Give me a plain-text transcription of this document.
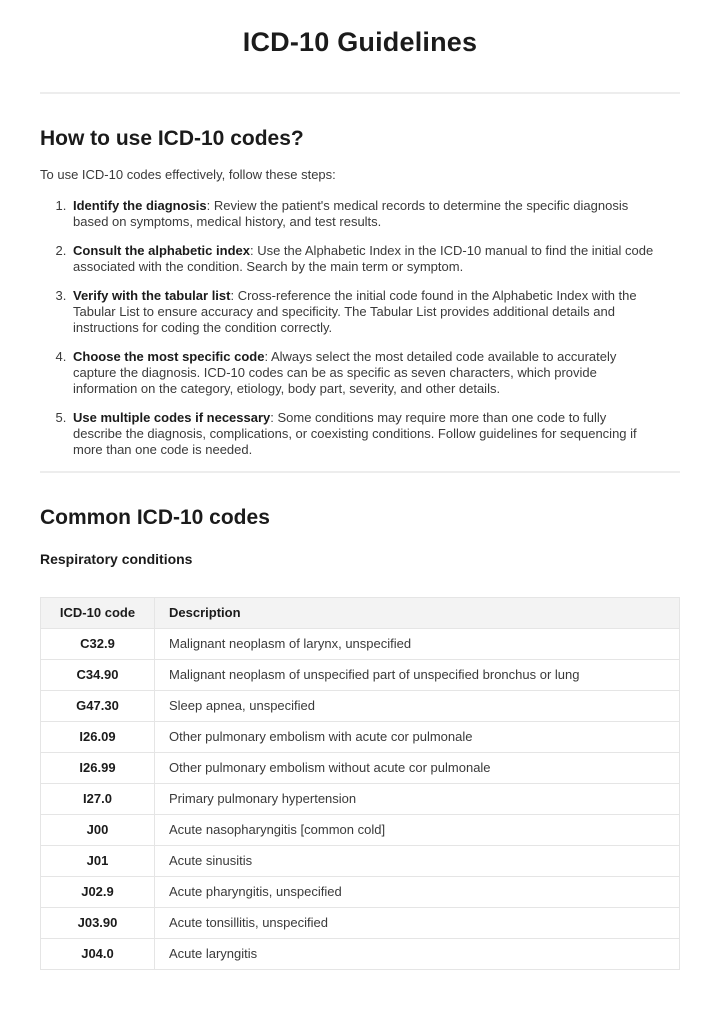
ICD-10 Guidelines
How to use ICD-10 codes?

To use ICD-10 codes effectively, follow these steps:

1. Identify the diagnosis: Review the patient's medical records to determine the specific diagnosis based on symptoms, medical history, and test results.
2. Consult the alphabetic index: Use the Alphabetic Index in the ICD-10 manual to find the initial code associated with the condition. Search by the main term or symptom.
3. Verify with the tabular list: Cross-reference the initial code found in the Alphabetic Index with the Tabular List to ensure accuracy and specificity. The Tabular List provides additional details and instructions for coding the condition correctly.
4. Choose the most specific code: Always select the most detailed code available to accurately capture the diagnosis. ICD-10 codes can be as specific as seven characters, which provide information on the category, etiology, body part, severity, and other details.
5. Use multiple codes if necessary: Some conditions may require more than one code to fully describe the diagnosis, complications, or coexisting conditions. Follow guidelines for sequencing if more than one code is needed.
Common ICD-10 codes
Respiratory conditions
ICD-10 code	Description
C32.9	Malignant neoplasm of larynx, unspecified
C34.90	Malignant neoplasm of unspecified part of unspecified bronchus or lung
G47.30	Sleep apnea, unspecified
I26.09	Other pulmonary embolism with acute cor pulmonale
I26.99	Other pulmonary embolism without acute cor pulmonale
I27.0	Primary pulmonary hypertension
J00	Acute nasopharyngitis [common cold]
J01	Acute sinusitis
J02.9	Acute pharyngitis, unspecified
J03.90	Acute tonsillitis, unspecified
J04.0	Acute laryngitis
